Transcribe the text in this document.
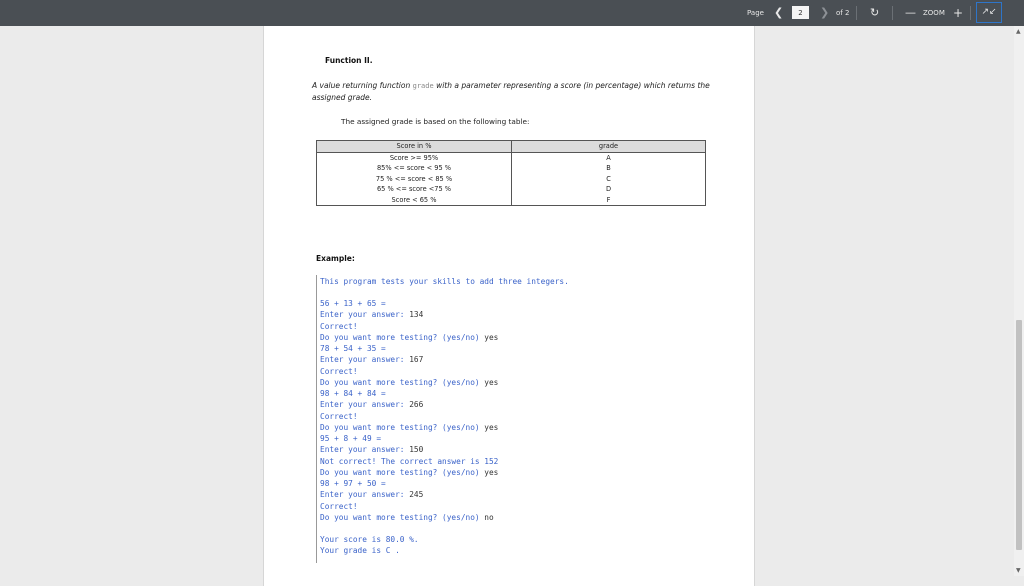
Page ❮
2	❯ of 2 ↻ — ZOOM +	↗↙
▲
▼
Function II.
A value returning function grade with a parameter representing a score (in percentage) which returns the assigned grade.
The assigned grade is based on the following table:
Score in %	grade
Score >= 95%	A
85% <= score < 95 %	B
75 % <= score < 85 %	C
65 % <= score <75 %	D
Score < 65 %	F
Example:
This program tests your skills to add three integers.
56 + 13 + 65 =
Enter your answer: 134
Correct!
Do you want more testing? (yes/no) yes
78 + 54 + 35 =
Enter your answer: 167
Correct!
Do you want more testing? (yes/no) yes
98 + 84 + 84 =
Enter your answer: 266
Correct!
Do you want more testing? (yes/no) yes
95 + 8 + 49 =
Enter your answer: 150
Not correct! The correct answer is 152
Do you want more testing? (yes/no) yes
98 + 97 + 50 =
Enter your answer: 245
Correct!
Do you want more testing? (yes/no) no
Your score is 80.0 %.
Your grade is C .
